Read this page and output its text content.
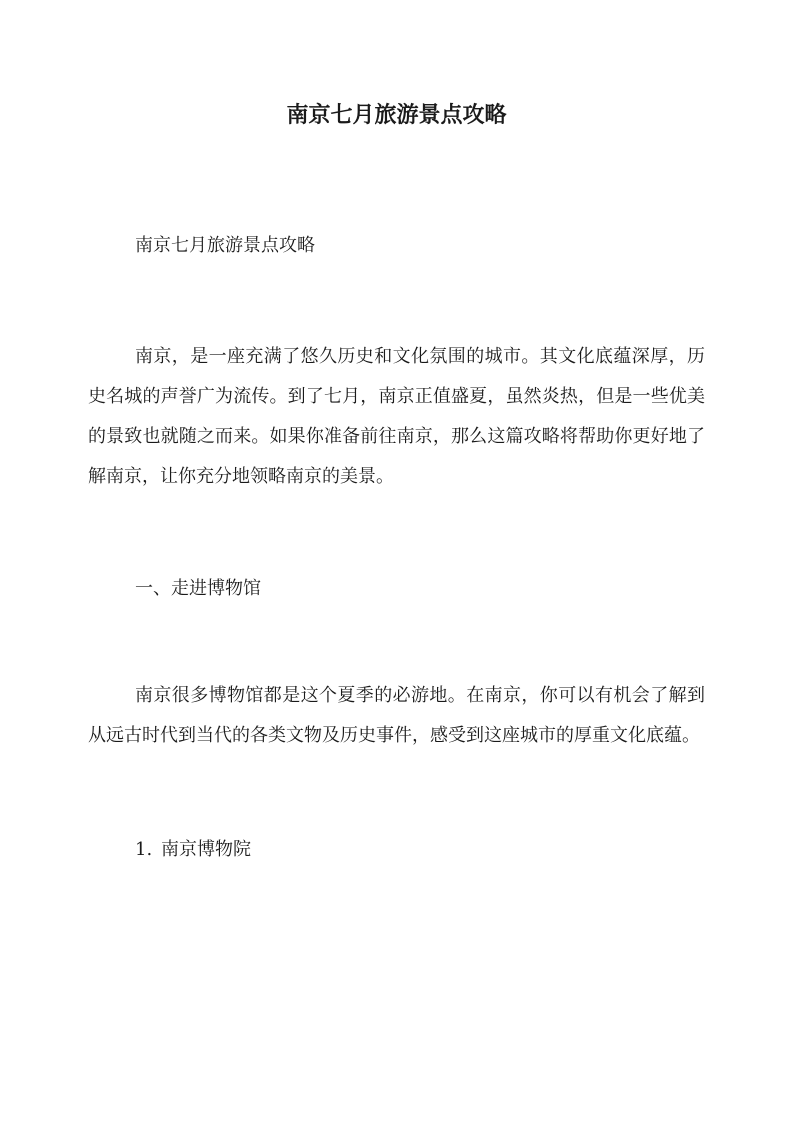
南京七月旅游景点攻略

南京七月旅游景点攻略

南京，是一座充满了悠久历史和文化氛围的城市。其文化底蕴深厚，历史名城的声誉广为流传。到了七月，南京正值盛夏，虽然炎热，但是一些优美的景致也就随之而来。如果你准备前往南京，那么这篇攻略将帮助你更好地了解南京，让你充分地领略南京的美景。

一、走进博物馆

南京很多博物馆都是这个夏季的必游地。在南京，你可以有机会了解到从远古时代到当代的各类文物及历史事件，感受到这座城市的厚重文化底蕴。

1. 南京博物院
